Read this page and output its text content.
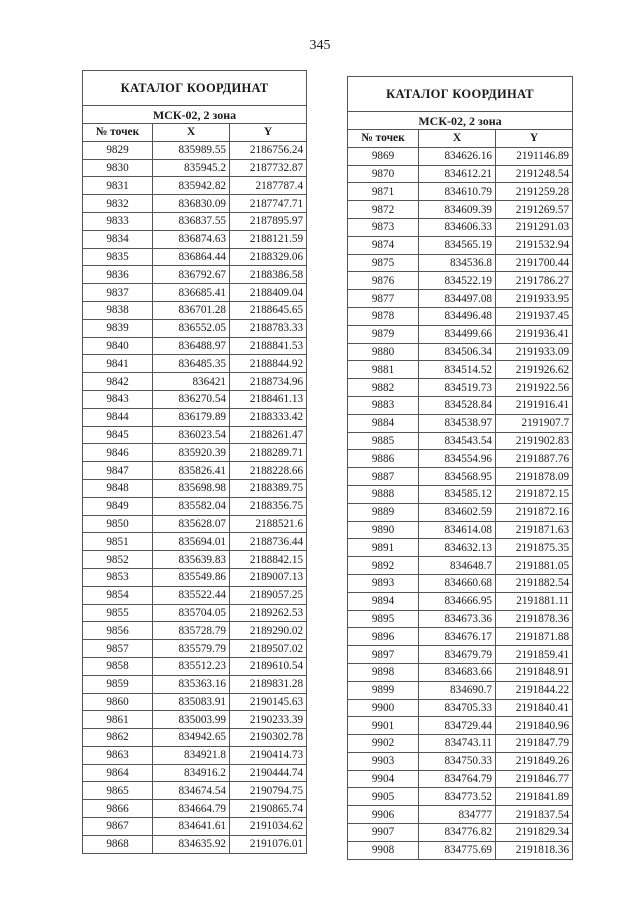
345
КАТАЛОГ КООРДИНАТ		
МСК-02, 2 зона		
№ точек	X	Y
9829	835989.55	2186756.24
9830	835945.2	2187732.87
9831	835942.82	2187787.4
9832	836830.09	2187747.71
9833	836837.55	2187895.97
9834	836874.63	2188121.59
9835	836864.44	2188329.06
9836	836792.67	2188386.58
9837	836685.41	2188409.04
9838	836701.28	2188645.65
9839	836552.05	2188783.33
9840	836488.97	2188841.53
9841	836485.35	2188844.92
9842	836421	2188734.96
9843	836270.54	2188461.13
9844	836179.89	2188333.42
9845	836023.54	2188261.47
9846	835920.39	2188289.71
9847	835826.41	2188228.66
9848	835698.98	2188389.75
9849	835582.04	2188356.75
9850	835628.07	2188521.6
9851	835694.01	2188736.44
9852	835639.83	2188842.15
9853	835549.86	2189007.13
9854	835522.44	2189057.25
9855	835704.05	2189262.53
9856	835728.79	2189290.02
9857	835579.79	2189507.02
9858	835512.23	2189610.54
9859	835363.16	2189831.28
9860	835083.91	2190145.63
9861	835003.99	2190233.39
9862	834942.65	2190302.78
9863	834921.8	2190414.73
9864	834916.2	2190444.74
9865	834674.54	2190794.75
9866	834664.79	2190865.74
9867	834641.61	2191034.62
9868	834635.92	2191076.01
КАТАЛОГ КООРДИНАТ		
МСК-02, 2 зона		
№ точек	X	Y
9869	834626.16	2191146.89
9870	834612.21	2191248.54
9871	834610.79	2191259.28
9872	834609.39	2191269.57
9873	834606.33	2191291.03
9874	834565.19	2191532.94
9875	834536.8	2191700.44
9876	834522.19	2191786.27
9877	834497.08	2191933.95
9878	834496.48	2191937.45
9879	834499.66	2191936.41
9880	834506.34	2191933.09
9881	834514.52	2191926.62
9882	834519.73	2191922.56
9883	834528.84	2191916.41
9884	834538.97	2191907.7
9885	834543.54	2191902.83
9886	834554.96	2191887.76
9887	834568.95	2191878.09
9888	834585.12	2191872.15
9889	834602.59	2191872.16
9890	834614.08	2191871.63
9891	834632.13	2191875.35
9892	834648.7	2191881.05
9893	834660.68	2191882.54
9894	834666.95	2191881.11
9895	834673.36	2191878.36
9896	834676.17	2191871.88
9897	834679.79	2191859.41
9898	834683.66	2191848.91
9899	834690.7	2191844.22
9900	834705.33	2191840.41
9901	834729.44	2191840.96
9902	834743.11	2191847.79
9903	834750.33	2191849.26
9904	834764.79	2191846.77
9905	834773.52	2191841.89
9906	834777	2191837.54
9907	834776.82	2191829.34
9908	834775.69	2191818.36
